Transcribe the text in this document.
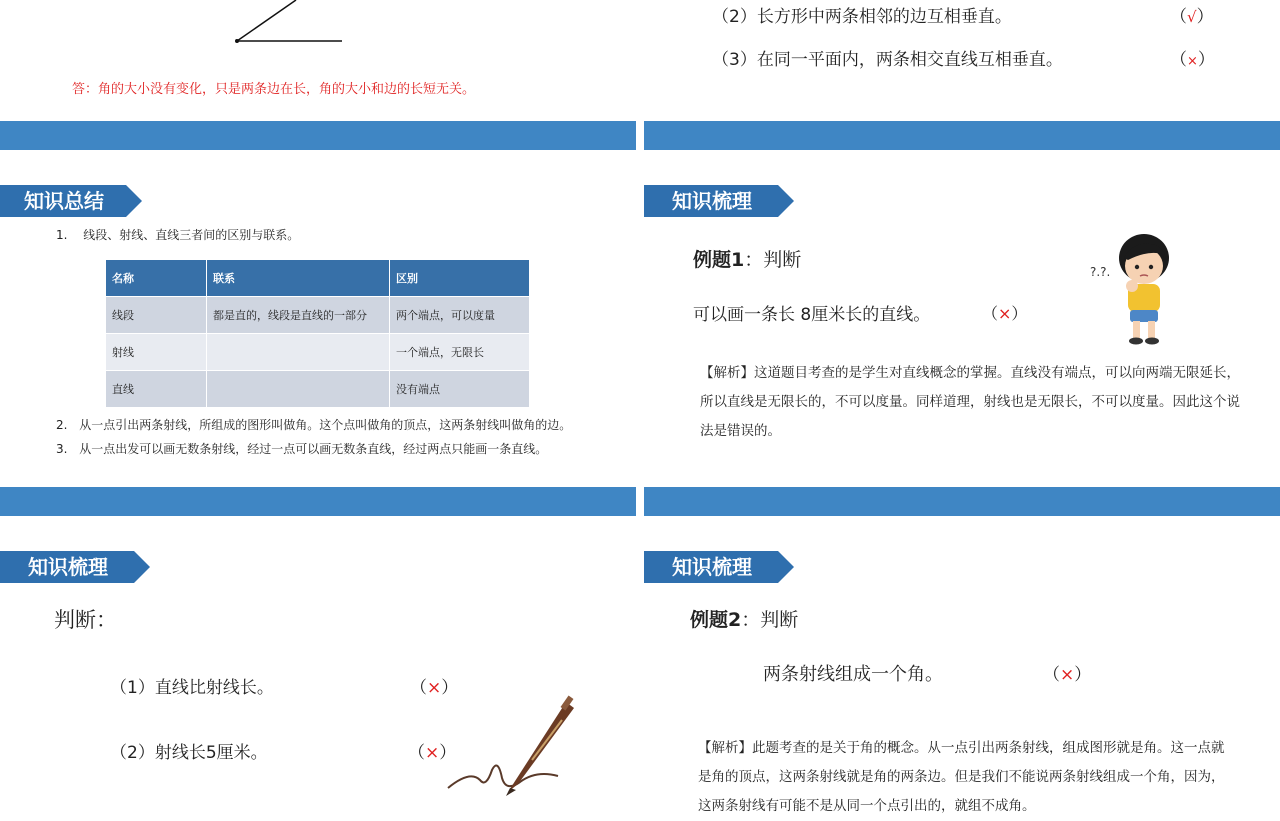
答：角的大小没有变化，只是两条边在长，角的大小和边的长短无关。
（2）长方形中两条相邻的边互相垂直。	（√）
（3）在同一平面内，两条相交直线互相垂直。	（×）
知识总结
1. 线段、射线、直线三者间的区别与联系。
名称	联系	区别
线段	都是直的，线段是直线的一部分	两个端点，可以度量
射线		一个端点，无限长
直线		没有端点
2. 从一点引出两条射线，所组成的图形叫做角。这个点叫做角的顶点，这两条射线叫做角的边。
3. 从一点出发可以画无数条射线，经过一点可以画无数条直线，经过两点只能画一条直线。
知识梳理
例题1：判断
可以画一条长 8厘米长的直线。	（×）
【解析】这道题目考查的是学生对直线概念的掌握。直线没有端点，可以向两端无限延长，所以直线是无限长的，不可以度量。同样道理，射线也是无限长，不可以度量。因此这个说法是错误的。
?.?.
知识梳理
判断：
（1）直线比射线长。	（×）
（2）射线长5厘米。	（×）
知识梳理
例题2：判断
两条射线组成一个角。	（×）
【解析】此题考查的是关于角的概念。从一点引出两条射线，组成图形就是角。这一点就是角的顶点，这两条射线就是角的两条边。但是我们不能说两条射线组成一个角，因为，这两条射线有可能不是从同一个点引出的，就组不成角。
